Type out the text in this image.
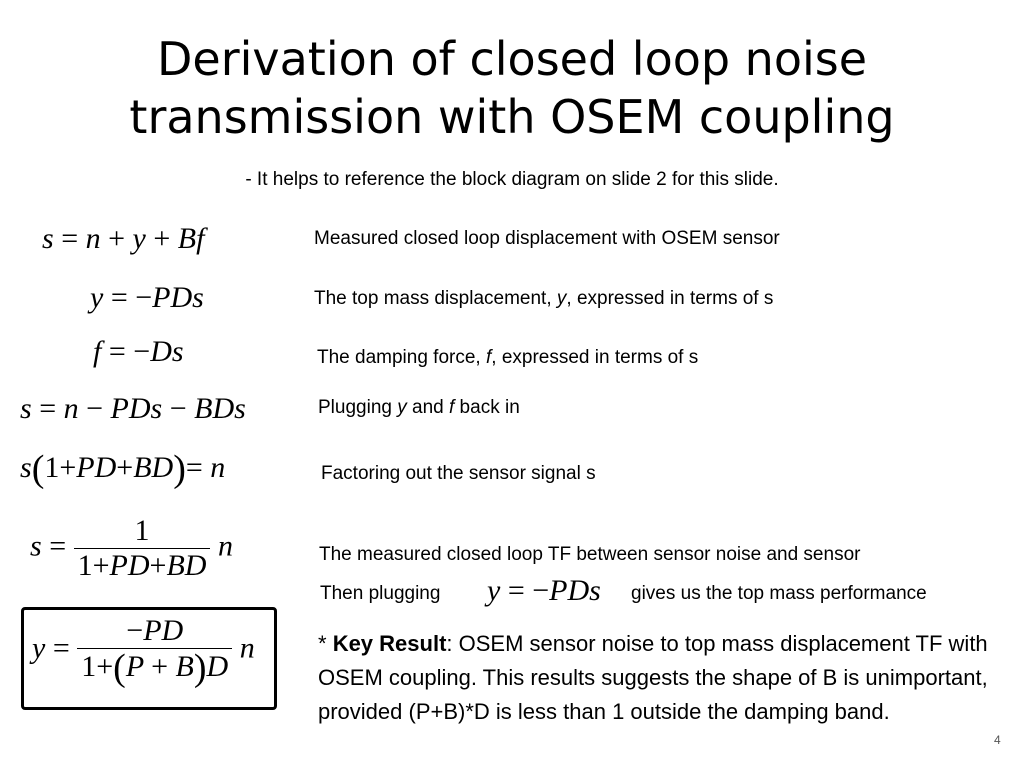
Derivation of closed loop noise
transmission with OSEM coupling
- It helps to reference the block diagram on slide 2 for this slide.
s = n + y + Bf	Measured closed loop displacement with OSEM sensor
y = −PDs	The top mass displacement, y, expressed in terms of s
f = −Ds	The damping force, f, expressed in terms of s
s = n − PDs − BDs	Plugging y and f back in
s(1+PD+BD)= n	Factoring out the sensor signal s
$s = \frac{1}{1+PD+BD}$ n	The measured closed loop TF between sensor noise and sensor
Then plugging y = −PDs gives us the top mass performance
$y = \frac{-PD}{1+(P + B)D}$ n	* Key Result: OSEM sensor noise to top mass displacement TF with OSEM coupling. This results suggests the shape of B is unimportant, provided (P+B)*D is less than 1 outside the damping band.
4
